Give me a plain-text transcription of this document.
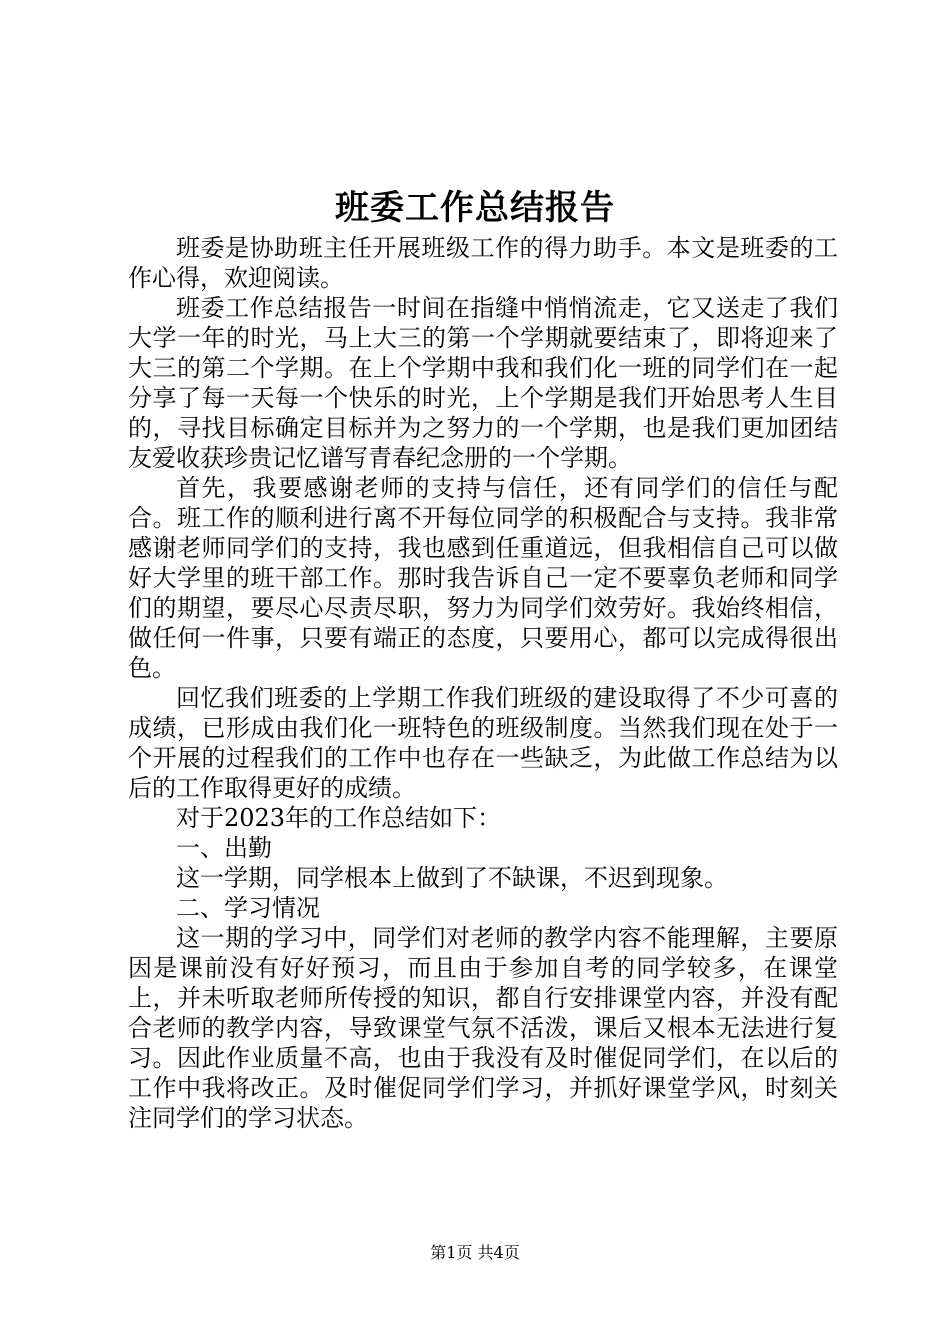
班委工作总结报告

班委是协助班主任开展班级工作的得力助手。本文是班委的工作心得，欢迎阅读。

班委工作总结报告一时间在指缝中悄悄流走，它又送走了我们大学一年的时光，马上大三的第一个学期就要结束了，即将迎来了大三的第二个学期。在上个学期中我和我们化一班的同学们在一起分享了每一天每一个快乐的时光，上个学期是我们开始思考人生目的，寻找目标确定目标并为之努力的一个学期，也是我们更加团结友爱收获珍贵记忆谱写青春纪念册的一个学期。

首先，我要感谢老师的支持与信任，还有同学们的信任与配合。班工作的顺利进行离不开每位同学的积极配合与支持。我非常感谢老师同学们的支持，我也感到任重道远，但我相信自己可以做好大学里的班干部工作。那时我告诉自己一定不要辜负老师和同学们的期望，要尽心尽责尽职，努力为同学们效劳好。我始终相信，做任何一件事，只要有端正的态度，只要用心，都可以完成得很出色。

回忆我们班委的上学期工作我们班级的建设取得了不少可喜的成绩，已形成由我们化一班特色的班级制度。当然我们现在处于一个开展的过程我们的工作中也存在一些缺乏，为此做工作总结为以后的工作取得更好的成绩。

对于2023年的工作总结如下：

一、出勤

这一学期，同学根本上做到了不缺课，不迟到现象。

二、学习情况

这一期的学习中，同学们对老师的教学内容不能理解，主要原因是课前没有好好预习，而且由于参加自考的同学较多，在课堂上，并未听取老师所传授的知识，都自行安排课堂内容，并没有配合老师的教学内容，导致课堂气氛不活泼，课后又根本无法进行复习。因此作业质量不高，也由于我没有及时催促同学们，在以后的工作中我将改正。及时催促同学们学习，并抓好课堂学风，时刻关注同学们的学习状态。

第1页 共4页
